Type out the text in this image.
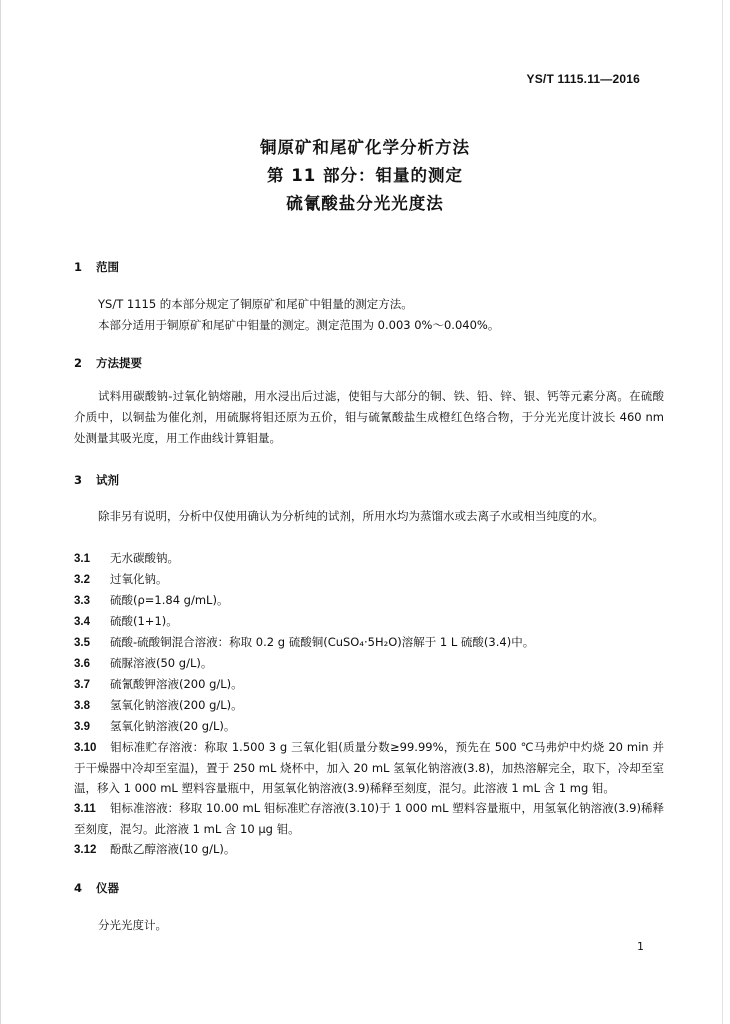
YS/T 1115.11—2016
铜原矿和尾矿化学分析方法
第 11 部分：钼量的测定
硫氰酸盐分光光度法
1 范围

YS/T 1115 的本部分规定了铜原矿和尾矿中钼量的测定方法。

本部分适用于铜原矿和尾矿中钼量的测定。测定范围为 0.003 0%～0.040%。

2 方法提要

试料用碳酸钠-过氧化钠熔融，用水浸出后过滤，使钼与大部分的铜、铁、铅、锌、银、钙等元素分离。在硫酸介质中，以铜盐为催化剂，用硫脲将钼还原为五价，钼与硫氰酸盐生成橙红色络合物，于分光光度计波长 460 nm 处测量其吸光度，用工作曲线计算钼量。

3 试剂

除非另有说明，分析中仅使用确认为分析纯的试剂，所用水均为蒸馏水或去离子水或相当纯度的水。

3.1 无水碳酸钠。
3.2 过氧化钠。
3.3 硫酸(ρ=1.84 g/mL)。
3.4 硫酸(1+1)。
3.5 硫酸-硫酸铜混合溶液：称取 0.2 g 硫酸铜(CuSO₄·5H₂O)溶解于 1 L 硫酸(3.4)中。
3.6 硫脲溶液(50 g/L)。
3.7 硫氰酸钾溶液(200 g/L)。
3.8 氢氧化钠溶液(200 g/L)。
3.9 氢氧化钠溶液(20 g/L)。
3.10 钼标准贮存溶液：称取 1.500 3 g 三氧化钼(质量分数≥99.99%，预先在 500 ℃马弗炉中灼烧 20 min 并于干燥器中冷却至室温)，置于 250 mL 烧杯中，加入 20 mL 氢氧化钠溶液(3.8)，加热溶解完全，取下，冷却至室温，移入 1 000 mL 塑料容量瓶中，用氢氧化钠溶液(3.9)稀释至刻度，混匀。此溶液 1 mL 含 1 mg 钼。
3.11 钼标准溶液：移取 10.00 mL 钼标准贮存溶液(3.10)于 1 000 mL 塑料容量瓶中，用氢氧化钠溶液(3.9)稀释至刻度，混匀。此溶液 1 mL 含 10 μg 钼。
3.12 酚酞乙醇溶液(10 g/L)。
4 仪器

分光光度计。

1
